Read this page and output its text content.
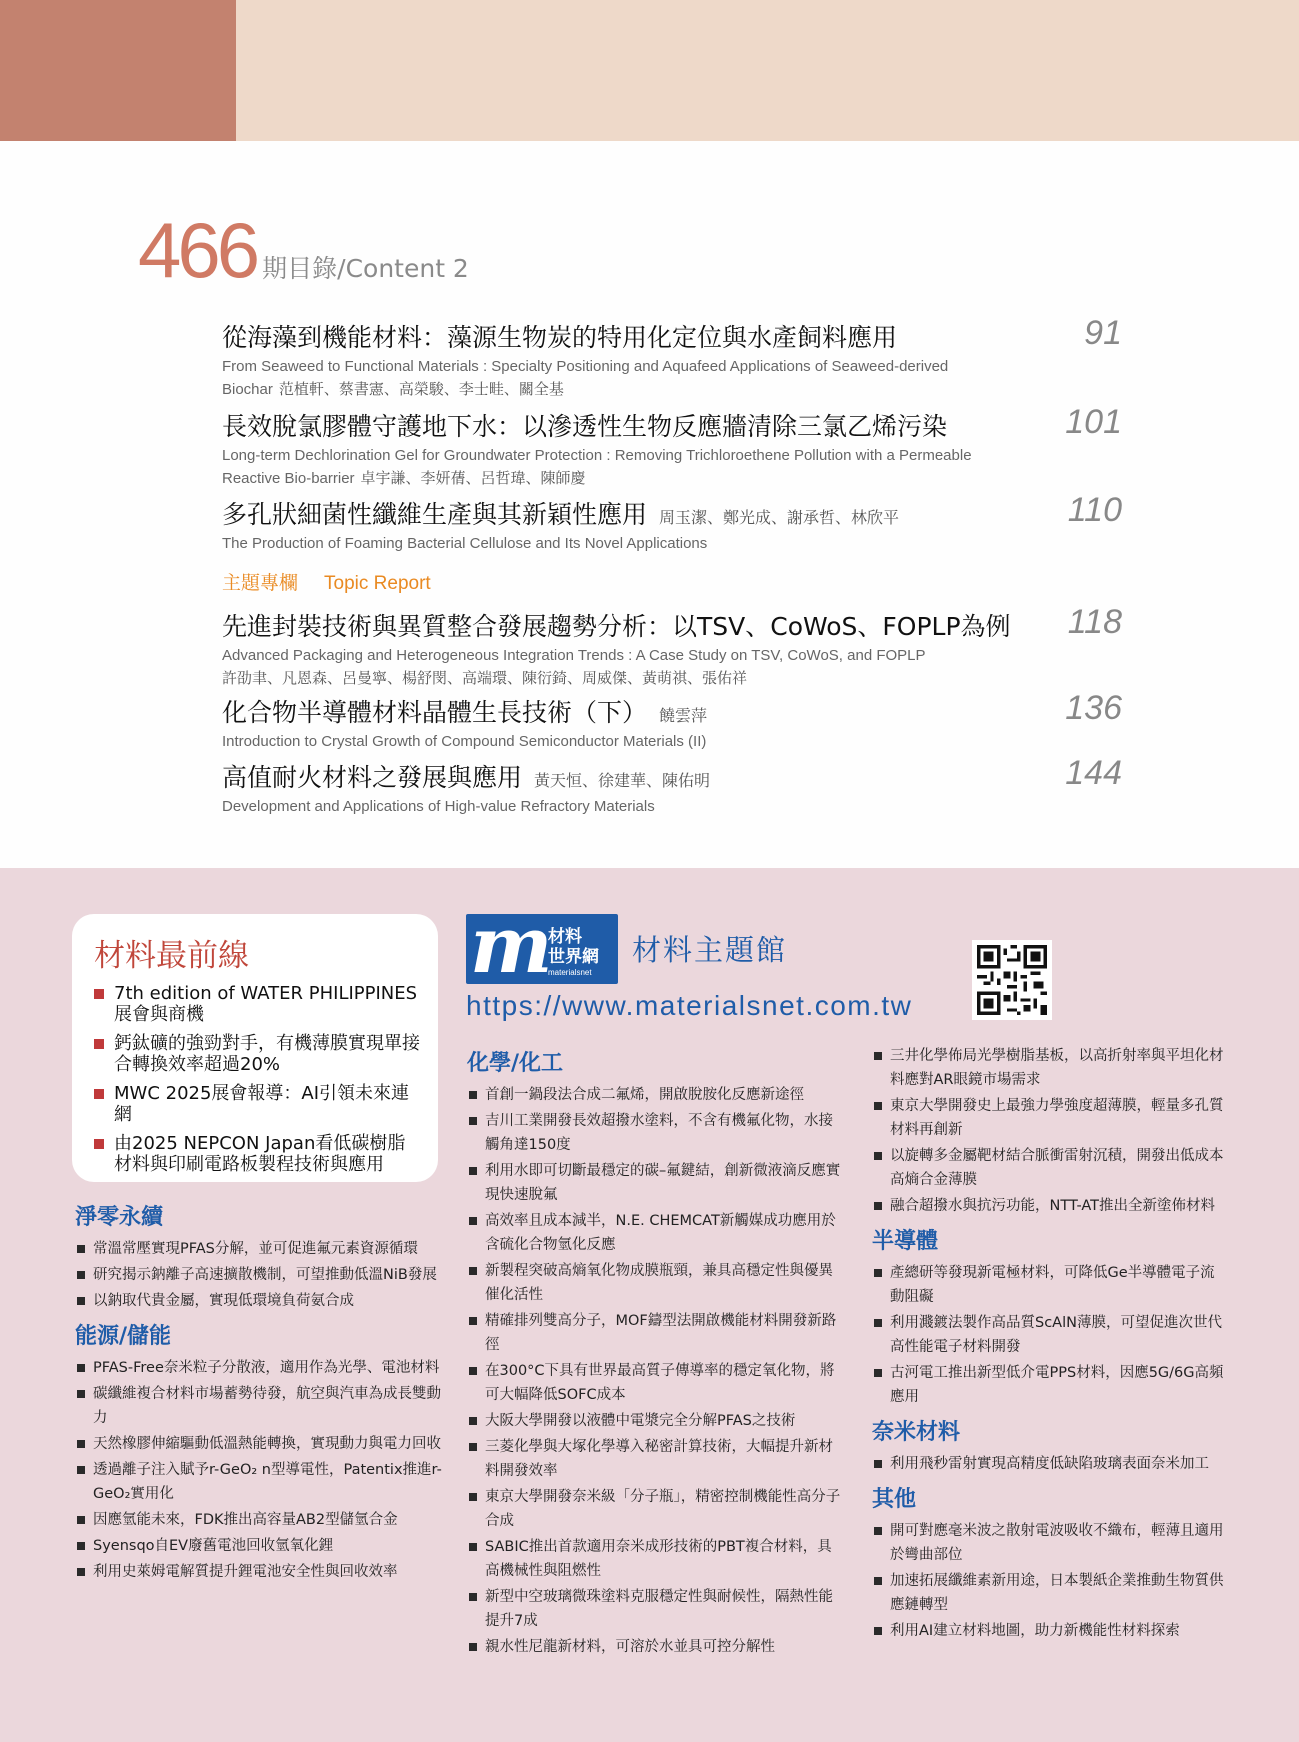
466 期目錄/Content 2
從海藻到機能材料：藻源生物炭的特用化定位與水產飼料應用
From Seaweed to Functional Materials : Specialty Positioning and Aquafeed Applications of Seaweed-derived Biochar 范植軒、蔡書憲、高榮駿、李士畦、關全基
91
長效脫氯膠體守護地下水：以滲透性生物反應牆清除三氯乙烯污染
Long-term Dechlorination Gel for Groundwater Protection : Removing Trichloroethene Pollution with a Permeable Reactive Bio-barrier 卓宇謙、李妍蒨、呂哲瑋、陳師慶
101
多孔狀細菌性纖維生產與其新穎性應用 周玉潔、鄭光成、謝承哲、林欣平
The Production of Foaming Bacterial Cellulose and Its Novel Applications
110
主題專欄 Topic Report
先進封裝技術與異質整合發展趨勢分析：以TSV、CoWoS、FOPLP為例
Advanced Packaging and Heterogeneous Integration Trends : A Case Study on TSV, CoWoS, and FOPLP
許劭聿、凡恩森、呂曼寧、楊舒閔、高端環、陳衍錡、周威傑、黃萌祺、張佑祥
118
化合物半導體材料晶體生長技術（下） 饒雲萍
Introduction to Crystal Growth of Compound Semiconductor Materials (II)
136
高值耐火材料之發展與應用 黃天恒、徐建華、陳佑明
Development and Applications of High-value Refractory Materials
144
材料最前線
7th edition of WATER PHILIPPINES展會與商機
鈣鈦礦的強勁對手，有機薄膜實現單接合轉換效率超過20%
MWC 2025展會報導：AI引領未來連網
由2025 NEPCON Japan看低碳樹脂材料與印刷電路板製程技術與應用
m
材料
世界網
materialsnet
材料主題館
https://www.materialsnet.com.tw
淨零永續
常溫常壓實現PFAS分解，並可促進氟元素資源循環
研究揭示鈉離子高速擴散機制，可望推動低溫NiB發展
以鈉取代貴金屬，實現低環境負荷氨合成
能源/儲能
PFAS-Free奈米粒子分散液，適用作為光學、電池材料
碳纖維複合材料市場蓄勢待發，航空與汽車為成長雙動力
天然橡膠伸縮驅動低溫熱能轉換，實現動力與電力回收
透過離子注入賦予r-GeO₂ n型導電性，Patentix推進r-GeO₂實用化
因應氫能未來，FDK推出高容量AB2型儲氫合金
Syensqo自EV廢舊電池回收氫氧化鋰
利用史萊姆電解質提升鋰電池安全性與回收效率
化學/化工
首創一鍋段法合成二氟烯，開啟脫胺化反應新途徑
吉川工業開發長效超撥水塗料，不含有機氟化物，水接觸角達150度
利用水即可切斷最穩定的碳–氟鍵結，創新微液滴反應實現快速脫氟
高效率且成本減半，N.E. CHEMCAT新觸媒成功應用於含硫化合物氫化反應
新製程突破高熵氧化物成膜瓶頸，兼具高穩定性與優異催化活性
精確排列雙高分子，MOF鑄型法開啟機能材料開發新路徑
在300°C下具有世界最高質子傳導率的穩定氧化物，將可大幅降低SOFC成本
大阪大學開發以液體中電漿完全分解PFAS之技術
三菱化學與大塚化學導入秘密計算技術，大幅提升新材料開發效率
東京大學開發奈米級「分子瓶」，精密控制機能性高分子合成
SABIC推出首款適用奈米成形技術的PBT複合材料，具高機械性與阻燃性
新型中空玻璃微珠塗料克服穩定性與耐候性，隔熱性能提升7成
親水性尼龍新材料，可溶於水並具可控分解性
三井化學佈局光學樹脂基板，以高折射率與平坦化材料應對AR眼鏡市場需求
東京大學開發史上最強力學強度超薄膜，輕量多孔質材料再創新
以旋轉多金屬靶材結合脈衝雷射沉積，開發出低成本高熵合金薄膜
融合超撥水與抗污功能，NTT-AT推出全新塗佈材料
半導體
產總研等發現新電極材料，可降低Ge半導體電子流動阻礙
利用濺鍍法製作高品質ScAlN薄膜，可望促進次世代高性能電子材料開發
古河電工推出新型低介電PPS材料，因應5G/6G高頻應用
奈米材料
利用飛秒雷射實現高精度低缺陷玻璃表面奈米加工
其他
開可對應毫米波之散射電波吸收不織布，輕薄且適用於彎曲部位
加速拓展纖維素新用途，日本製紙企業推動生物質供應鏈轉型
利用AI建立材料地圖，助力新機能性材料探索
